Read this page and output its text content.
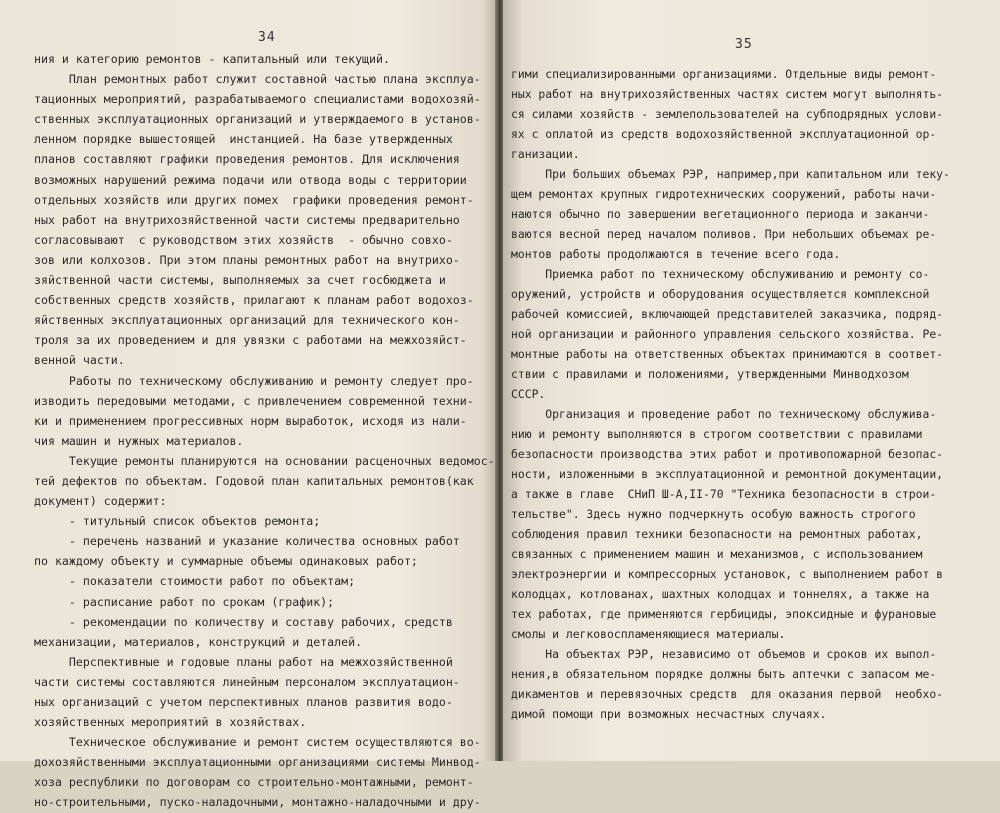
34
ния и категорию ремонтов - капитальный или текущий.
План ремонтных работ служит составной частью плана эксплуа-
тационных мероприятий, разрабатываемого специалистами водохозяй-
ственных эксплуатационных организаций и утверждаемого в установ-
ленном порядке вышестоящей  инстанцией. На базе утвержденных
планов составляют графики проведения ремонтов. Для исключения
возможных нарушений режима подачи или отвода воды с территории
отдельных хозяйств или других помех  графики проведения ремонт-
ных работ на внутрихозяйственной части системы предварительно
согласовывают  с руководством этих хозяйств  - обычно совхо-
зов или колхозов. При этом планы ремонтных работ на внутрихо-
зяйственной части системы, выполняемых за счет госбюджета и
собственных средств хозяйств, прилагают к планам работ водохоз-
яйственных эксплуатационных организаций для технического кон-
троля за их проведением и для увязки с работами на межхозяйст-
венной части.
Работы по техническому обслуживанию и ремонту следует про-
изводить передовыми методами, с привлечением современной техни-
ки и применением прогрессивных норм выработок, исходя из нали-
чия машин и нужных материалов.
Текущие ремонты планируются на основании расценочных ведомос-
тей дефектов по объектам. Годовой план капитальных ремонтов(как
документ) содержит:
- титульный список объектов ремонта;
- перечень названий и указание количества основных работ
по каждому объекту и суммарные объемы одинаковых работ;
- показатели стоимости работ по объектам;
- расписание работ по срокам (график);
- рекомендации по количеству и составу рабочих, средств
механизации, материалов, конструкций и деталей.
Перспективные и годовые планы работ на межхозяйственной
части системы составляются линейным персоналом эксплуатацион-
ных организаций с учетом перспективных планов развития водо-
хозяйственных мероприятий в хозяйствах.
Техническое обслуживание и ремонт систем осуществляются во-
дохозяйственными эксплуатационными организациями системы Минвод-
хоза республики по договорам со строительно-монтажными, ремонт-
но-строительными, пуско-наладочными, монтажно-наладочными и дру-
35
гими специализированными организациями. Отдельные виды ремонт-
ных работ на внутрихозяйственных частях систем могут выполнять-
ся силами хозяйств - землепользователей на субподрядных услови-
ях с оплатой из средств водохозяйственной эксплуатационной ор-
ганизации.
При больших объемах РЭР, например,при капитальном или теку-
щем ремонтах крупных гидротехнических сооружений, работы начи-
наются обычно по завершении вегетационного периода и заканчи-
ваются весной перед началом поливов. При небольших объемах ре-
монтов работы продолжаются в течение всего года.
Приемка работ по техническому обслуживанию и ремонту со-
оружений, устройств и оборудования осуществляется комплексной
рабочей комиссией, включающей представителей заказчика, подряд-
ной организации и районного управления сельского хозяйства. Ре-
монтные работы на ответственных объектах принимаются в соответ-
ствии с правилами и положениями, утвержденными Минводхозом
СССР.
Организация и проведение работ по техническому обслужива-
нию и ремонту выполняются в строгом соответствии с правилами
безопасности производства этих работ и противопожарной безопас-
ности, изложенными в эксплуатационной и ремонтной документации,
а также в главе  СНиП Ш-А,II-70 "Техника безопасности в строи-
тельстве". Здесь нужно подчеркнуть особую важность строгого
соблюдения правил техники безопасности на ремонтных работах,
связанных с применением машин и механизмов, с использованием
электроэнергии и компрессорных установок, с выполнением работ в
колодцах, котлованах, шахтных колодцах и тоннелях, а также на
тех работах, где применяются гербициды, эпоксидные и фурановые
смолы и легковоспламеняющиеся материалы.
На объектах РЭР, независимо от объемов и сроков их выпол-
нения,в обязательном порядке должны быть аптечки с запасом ме-
дикаментов и перевязочных средств  для оказания первой  необхо-
димой помощи при возможных несчастных случаях.
